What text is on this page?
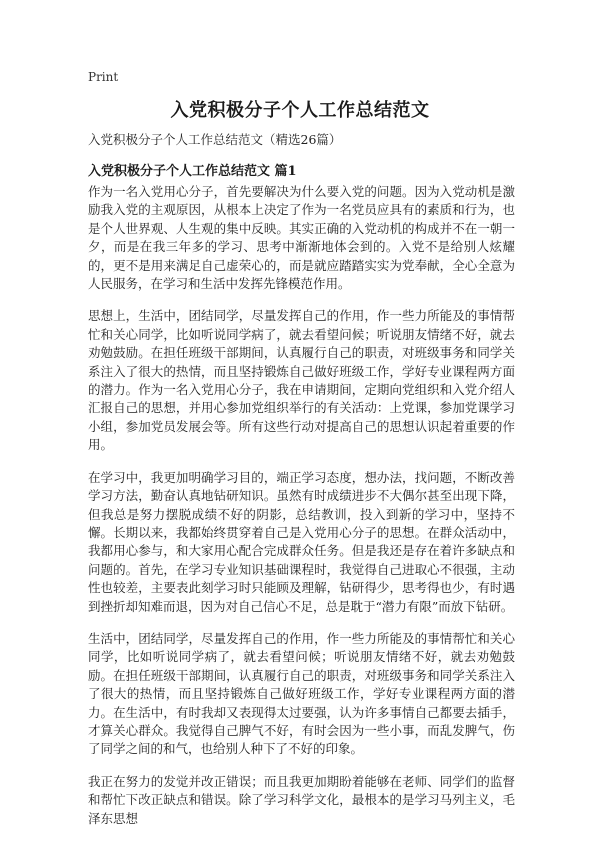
Print
入党积极分子个人工作总结范文

入党积极分子个人工作总结范文（精选26篇）

入党积极分子个人工作总结范文 篇1

作为一名入党用心分子，首先要解决为什么要入党的问题。因为入党动机是激励我入党的主观原因，从根本上决定了作为一名党员应具有的素质和行为，也是个人世界观、人生观的集中反映。其实正确的入党动机的构成并不在一朝一夕，而是在我三年多的学习、思考中渐渐地体会到的。入党不是给别人炫耀的，更不是用来满足自己虚荣心的，而是就应踏踏实实为党奉献，全心全意为人民服务，在学习和生活中发挥先锋模范作用。

思想上，生活中，团结同学，尽量发挥自己的作用，作一些力所能及的事情帮忙和关心同学，比如听说同学病了，就去看望问候；听说朋友情绪不好，就去劝勉鼓励。在担任班级干部期间，认真履行自己的职责，对班级事务和同学关系注入了很大的热情，而且坚持锻炼自己做好班级工作，学好专业课程两方面的潜力。作为一名入党用心分子，我在申请期间，定期向党组织和入党介绍人汇报自己的思想，并用心参加党组织举行的有关活动：上党课，参加党课学习小组，参加党员发展会等。所有这些行动对提高自己的思想认识起着重要的作用。

在学习中，我更加明确学习目的，端正学习态度，想办法，找问题，不断改善学习方法，勤奋认真地钻研知识。虽然有时成绩进步不大偶尔甚至出现下降，但我总是努力摆脱成绩不好的阴影，总结教训，投入到新的学习中，坚持不懈。长期以来，我都始终贯穿着自己是入党用心分子的思想。在群众活动中，我都用心参与，和大家用心配合完成群众任务。但是我还是存在着许多缺点和问题的。首先，在学习专业知识基础课程时，我觉得自己进取心不很强，主动性也较差，主要表此刻学习时只能顾及理解，钻研得少，思考得也少，有时遇到挫折却知难而退，因为对自己信心不足，总是耽于“潜力有限”而放下钻研。

生活中，团结同学，尽量发挥自己的作用，作一些力所能及的事情帮忙和关心同学，比如听说同学病了，就去看望问候；听说朋友情绪不好，就去劝勉鼓励。在担任班级干部期间，认真履行自己的职责，对班级事务和同学关系注入了很大的热情，而且坚持锻炼自己做好班级工作，学好专业课程两方面的潜力。在生活中，有时我却又表现得太过要强，认为许多事情自己都要去插手，才算关心群众。我觉得自己脾气不好，有时会因为一些小事，而乱发脾气，伤了同学之间的和气，也给别人种下了不好的印象。

我正在努力的发觉并改正错误；而且我更加期盼着能够在老师、同学们的监督和帮忙下改正缺点和错误。除了学习科学文化，最根本的是学习马列主义，毛泽东思想
